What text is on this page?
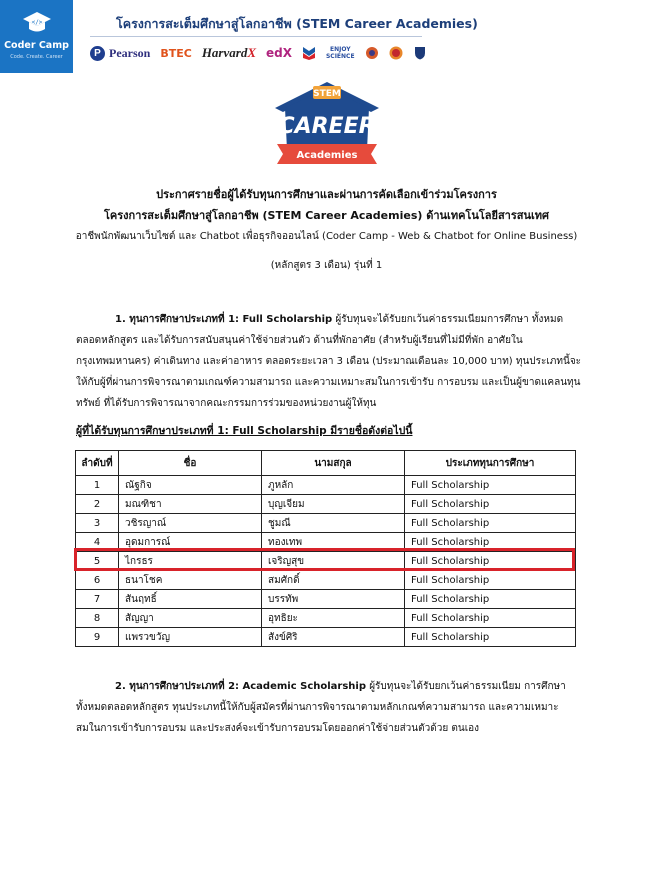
</>
Coder Camp
Code. Create. Career
โครงการสะเต็มศึกษาสู่โลกอาชีพ (STEM Career Academies)
P Pearson BTEC HarvardX edX	ENJOY
SCIENCE
STEM
CAREER
Academies
ประกาศรายชื่อผู้ได้รับทุนการศึกษาและผ่านการคัดเลือกเข้าร่วมโครงการ
โครงการสะเต็มศึกษาสู่โลกอาชีพ (STEM Career Academies) ด้านเทคโนโลยีสารสนเทศ
อาชีพนักพัฒนาเว็บไซต์ และ Chatbot เพื่อธุรกิจออนไลน์ (Coder Camp - Web & Chatbot for Online Business)
(หลักสูตร 3 เดือน) รุ่นที่ 1
1. ทุนการศึกษาประเภทที่ 1: Full Scholarship ผู้รับทุนจะได้รับยกเว้นค่าธรรมเนียมการศึกษา ทั้งหมดตลอดหลักสูตร และได้รับการสนับสนุนค่าใช้จ่ายส่วนตัว ด้านที่พักอาศัย (สำหรับผู้เรียนที่ไม่มีที่พัก อาศัยในกรุงเทพมหานคร) ค่าเดินทาง และค่าอาหาร ตลอดระยะเวลา 3 เดือน (ประมาณเดือนละ 10,000 บาท) ทุนประเภทนี้จะให้กับผู้ที่ผ่านการพิจารณาตามเกณฑ์ความสามารถ และความเหมาะสมในการเข้ารับ การอบรม และเป็นผู้ขาดแคลนทุนทรัพย์ ที่ได้รับการพิจารณาจากคณะกรรมการร่วมของหน่วยงานผู้ให้ทุน
ผู้ที่ได้รับทุนการศึกษาประเภทที่ 1: Full Scholarship มีรายชื่อดังต่อไปนี้
ลำดับที่	ชื่อ	นามสกุล	ประเภททุนการศึกษา
1	ณัฐกิจ	ภูหลัก	Full Scholarship
2	มณฑิชา	บุญเจียม	Full Scholarship
3	วชิรญาณ์	ชูมณี	Full Scholarship
4	อุดมการณ์	ทองเทพ	Full Scholarship
5	ไกรธร	เจริญสุข	Full Scholarship
6	ธนาโชค	สมศักดิ์	Full Scholarship
7	สันฤทธิ์	บรรทัพ	Full Scholarship
8	สัญญา	อุทธิยะ	Full Scholarship
9	แพรวขวัญ	สังข์ศิริ	Full Scholarship
2. ทุนการศึกษาประเภทที่ 2: Academic Scholarship ผู้รับทุนจะได้รับยกเว้นค่าธรรมเนียม การศึกษาทั้งหมดตลอดหลักสูตร ทุนประเภทนี้ให้กับผู้สมัครที่ผ่านการพิจารณาตามหลักเกณฑ์ความสามารถ และความเหมาะสมในการเข้ารับการอบรม และประสงค์จะเข้ารับการอบรมโดยออกค่าใช้จ่ายส่วนตัวด้วย ตนเอง
